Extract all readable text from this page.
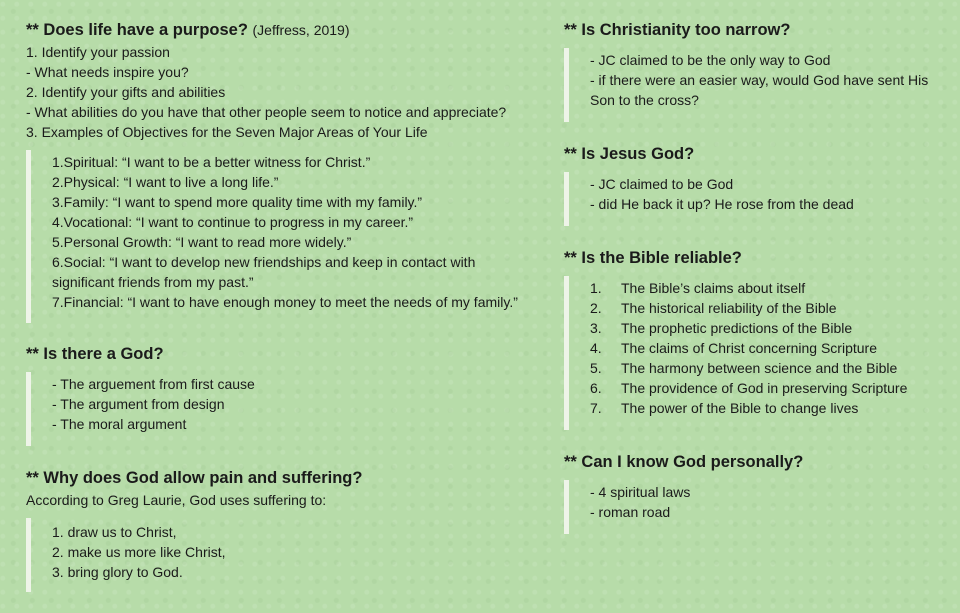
** Does life have a purpose? (Jeffress, 2019)

1. Identify your passion

- What needs inspire you?

2. Identify your gifts and abilities

- What abilities do you have that other people seem to notice and appreciate?

3. Examples of Objectives for the Seven Major Areas of Your Life

1.Spiritual: “I want to be a better witness for Christ.”

2.Physical: “I want to live a long life.”

3.Family: “I want to spend more quality time with my family.”

4.Vocational: “I want to continue to progress in my career.”

5.Personal Growth: “I want to read more widely.”

6.Social: “I want to develop new friendships and keep in contact with significant friends from my past.”

7.Financial: “I want to have enough money to meet the needs of my family.”

** Is there a God?

- The arguement from first cause

- The argument from design

- The moral argument

** Why does God allow pain and suffering?

According to Greg Laurie, God uses suffering to:

1. draw us to Christ,

2. make us more like Christ,

3. bring glory to God.

** Is Christianity too narrow?

- JC claimed to be the only way to God

- if there were an easier way, would God have sent His Son to the cross?

** Is Jesus God?

- JC claimed to be God

- did He back it up? He rose from the dead

** Is the Bible reliable?
1.	The Bible’s claims about itself
2.	The historical reliability of the Bible
3.	The prophetic predictions of the Bible
4.	The claims of Christ concerning Scripture
5.	The harmony between science and the Bible
6.	The providence of God in preserving Scripture
7.	The power of the Bible to change lives
** Can I know God personally?

- 4 spiritual laws

- roman road
